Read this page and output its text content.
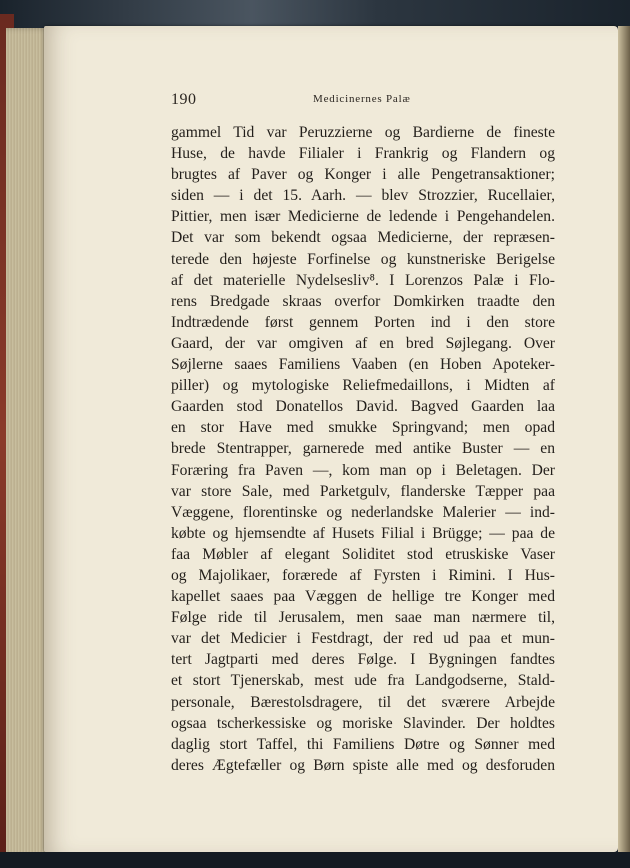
190	Medicinernes Palæ
gammel Tid var Peruzzierne og Bardierne de fineste
Huse, de havde Filialer i Frankrig og Flandern og
brugtes af Paver og Konger i alle Pengetransaktioner;
siden — i det 15. Aarh. — blev Strozzier, Rucellaier,
Pittier, men især Medicierne de ledende i Pengehandelen.
Det var som bekendt ogsaa Medicierne, der repræsen-
terede den højeste Forfinelse og kunstneriske Berigelse
af det materielle Nydelsesliv⁸. I Lorenzos Palæ i Flo-
rens Bredgade skraas overfor Domkirken traadte den
Indtrædende først gennem Porten ind i den store
Gaard, der var omgiven af en bred Søjlegang. Over
Søjlerne saaes Familiens Vaaben (en Hoben Apoteker-
piller) og mytologiske Reliefmedaillons, i Midten af
Gaarden stod Donatellos David. Bagved Gaarden laa
en stor Have med smukke Springvand; men opad
brede Stentrapper, garnerede med antike Buster — en
Foræring fra Paven —, kom man op i Beletagen. Der
var store Sale, med Parketgulv, flanderske Tæpper paa
Væggene, florentinske og nederlandske Malerier — ind-
købte og hjemsendte af Husets Filial i Brügge; — paa de
faa Møbler af elegant Soliditet stod etruskiske Vaser
og Majolikaer, forærede af Fyrsten i Rimini. I Hus-
kapellet saaes paa Væggen de hellige tre Konger med
Følge ride til Jerusalem, men saae man nærmere til,
var det Medicier i Festdragt, der red ud paa et mun-
tert Jagtparti med deres Følge. I Bygningen fandtes
et stort Tjenerskab, mest ude fra Landgodserne, Stald-
personale, Bærestolsdragere, til det sværere Arbejde
ogsaa tscherkessiske og moriske Slavinder. Der holdtes
daglig stort Taffel, thi Familiens Døtre og Sønner med
deres Ægtefæller og Børn spiste alle med og desforuden
